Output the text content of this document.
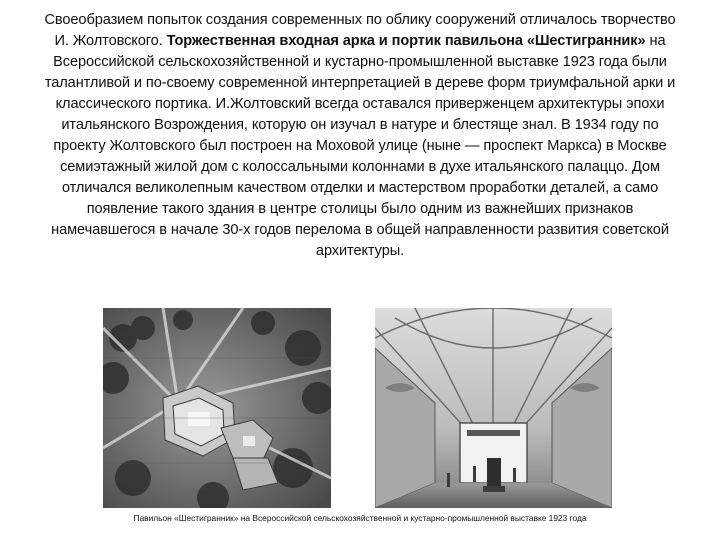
Своеобразием попыток создания современных по облику сооружений отличалось творчество И. Жолтовского. Торжественная входная арка и портик павильона «Шестигранник» на Всероссийской сельскохозяйственной и кустарно-промышленной выставке 1923 года были талантливой и по-своему современной интерпретацией в дереве форм триумфальной арки и классического портика. И.Жолтовский всегда оставался приверженцем архитектуры эпохи итальянского Возрождения, которую он изучал в натуре и блестяще знал. В 1934 году по проекту Жолтовского был построен на Моховой улице (ныне — проспект Маркса) в Москве семиэтажный жилой дом с колоссальными колоннами в духе итальянского палаццо. Дом отличался великолепным качеством отделки и мастерством проработки деталей, а само появление такого здания в центре столицы было одним из важнейших признаков намечавшегося в начале 30-х годов перелома в общей направленности развития советской архитектуры.
Павильон «Шестигранник» на Всероссийской сельскохозяйственной и кустарно-промышленной выставке 1923 года
